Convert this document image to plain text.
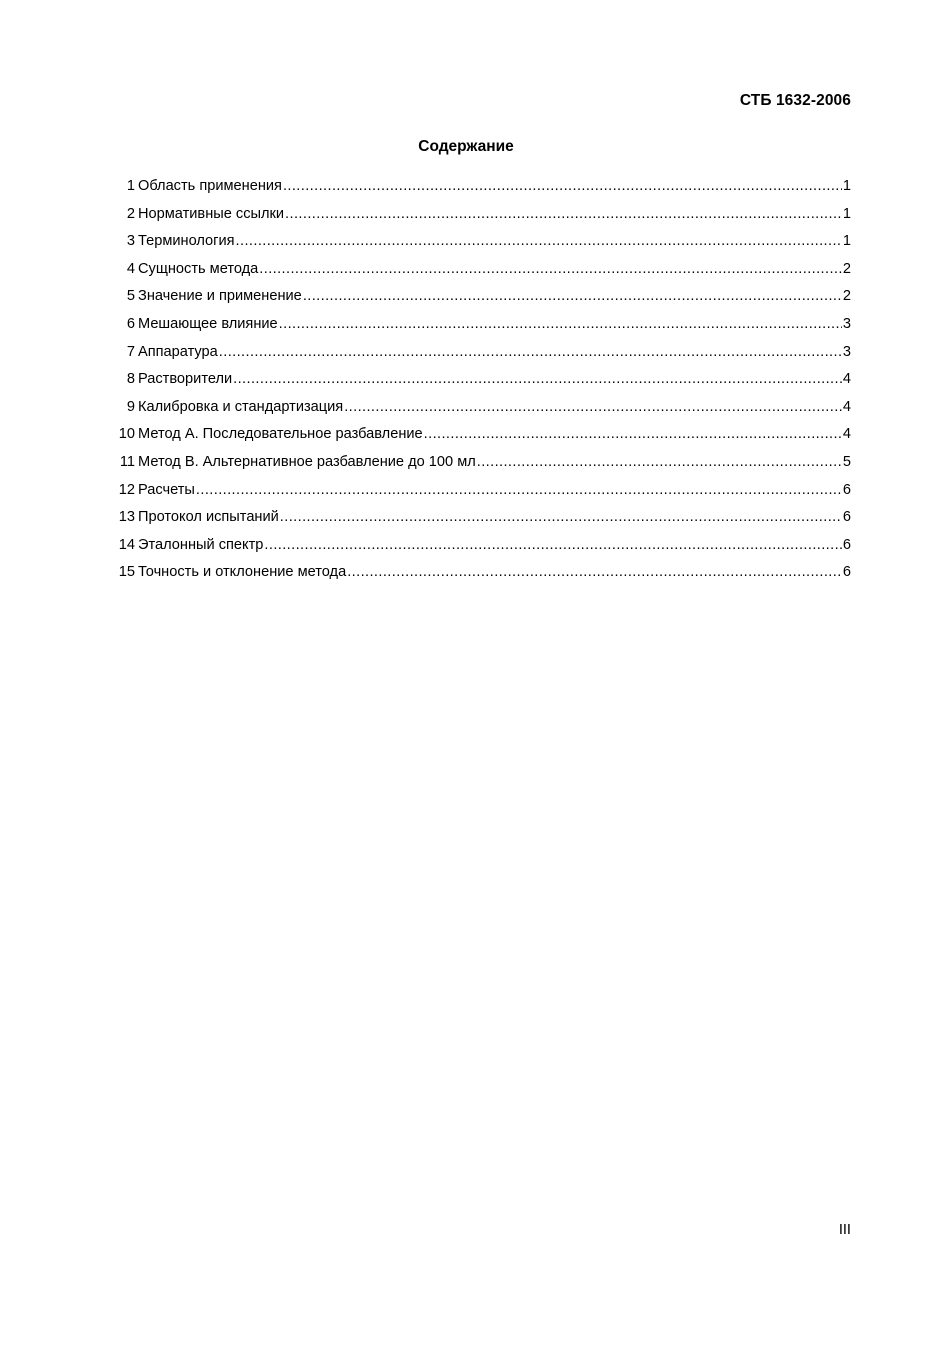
СТБ 1632-2006
Содержание
1 Область применения .....	1
2 Нормативные ссылки .....	1
3 Терминология .....	1
4 Сущность метода .....	2
5 Значение и применение .....	2
6 Мешающее влияние .....	3
7 Аппаратура .....	3
8 Растворители .....	4
9 Калибровка и стандартизация .....	4
10 Метод А. Последовательное разбавление .....	4
11 Метод В. Альтернативное разбавление до 100 мл .....	5
12 Расчеты .....	6
13 Протокол испытаний .....	6
14 Эталонный спектр .....	6
15 Точность и отклонение метода .....	6
III
